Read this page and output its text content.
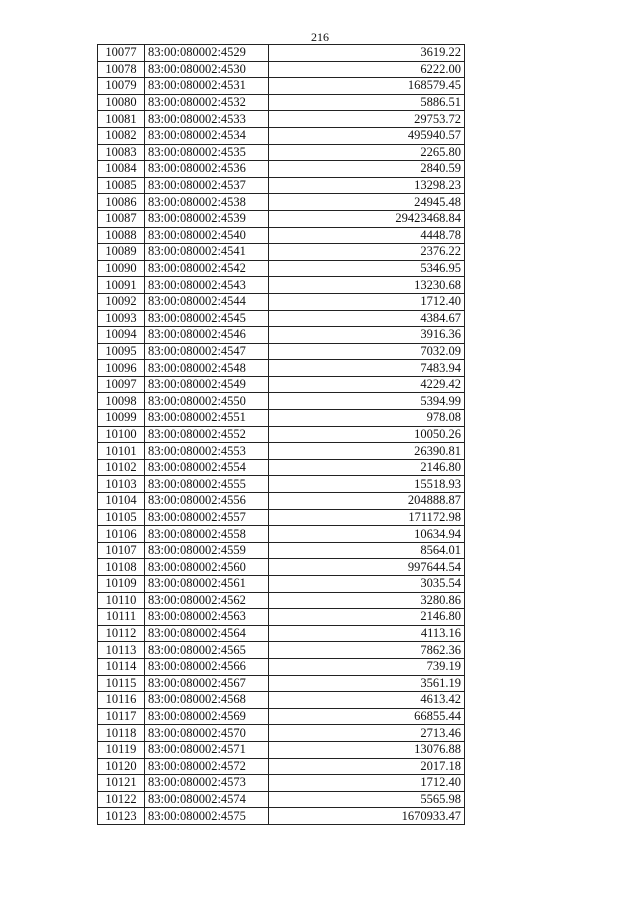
216
10077	83:00:080002:4529	3619.22
10078	83:00:080002:4530	6222.00
10079	83:00:080002:4531	168579.45
10080	83:00:080002:4532	5886.51
10081	83:00:080002:4533	29753.72
10082	83:00:080002:4534	495940.57
10083	83:00:080002:4535	2265.80
10084	83:00:080002:4536	2840.59
10085	83:00:080002:4537	13298.23
10086	83:00:080002:4538	24945.48
10087	83:00:080002:4539	29423468.84
10088	83:00:080002:4540	4448.78
10089	83:00:080002:4541	2376.22
10090	83:00:080002:4542	5346.95
10091	83:00:080002:4543	13230.68
10092	83:00:080002:4544	1712.40
10093	83:00:080002:4545	4384.67
10094	83:00:080002:4546	3916.36
10095	83:00:080002:4547	7032.09
10096	83:00:080002:4548	7483.94
10097	83:00:080002:4549	4229.42
10098	83:00:080002:4550	5394.99
10099	83:00:080002:4551	978.08
10100	83:00:080002:4552	10050.26
10101	83:00:080002:4553	26390.81
10102	83:00:080002:4554	2146.80
10103	83:00:080002:4555	15518.93
10104	83:00:080002:4556	204888.87
10105	83:00:080002:4557	171172.98
10106	83:00:080002:4558	10634.94
10107	83:00:080002:4559	8564.01
10108	83:00:080002:4560	997644.54
10109	83:00:080002:4561	3035.54
10110	83:00:080002:4562	3280.86
10111	83:00:080002:4563	2146.80
10112	83:00:080002:4564	4113.16
10113	83:00:080002:4565	7862.36
10114	83:00:080002:4566	739.19
10115	83:00:080002:4567	3561.19
10116	83:00:080002:4568	4613.42
10117	83:00:080002:4569	66855.44
10118	83:00:080002:4570	2713.46
10119	83:00:080002:4571	13076.88
10120	83:00:080002:4572	2017.18
10121	83:00:080002:4573	1712.40
10122	83:00:080002:4574	5565.98
10123	83:00:080002:4575	1670933.47
